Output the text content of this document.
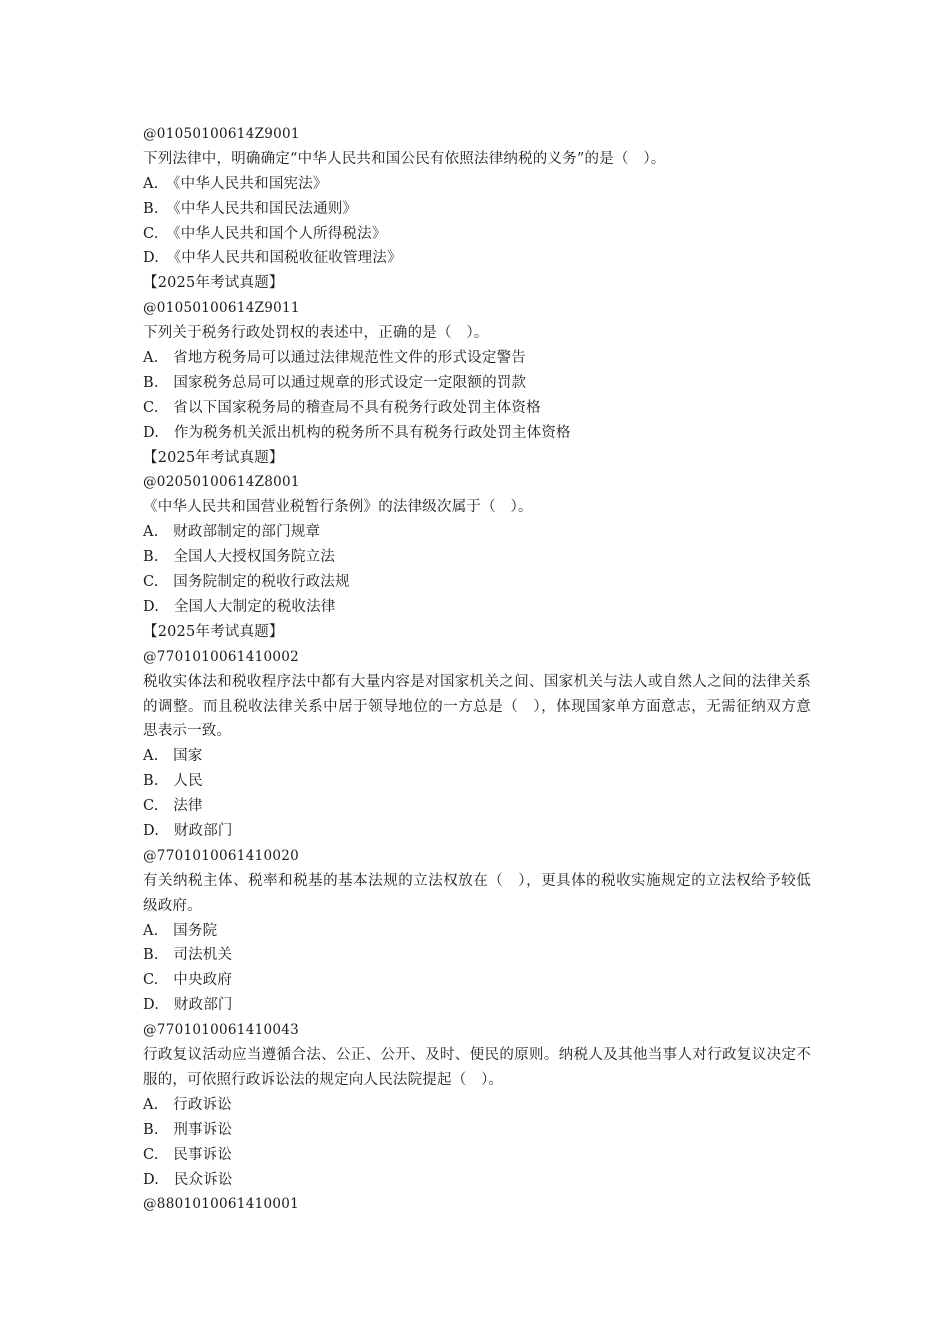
@01050100614Z9001
下列法律中，明确确定“中华人民共和国公民有依照法律纳税的义务”的是（　）。
A.　《中华人民共和国宪法》
B.　《中华人民共和国民法通则》
C.　《中华人民共和国个人所得税法》
D.　《中华人民共和国税收征收管理法》
【2025年考试真题】
@01050100614Z9011
下列关于税务行政处罚权的表述中，正确的是（　）。
A.　省地方税务局可以通过法律规范性文件的形式设定警告
B.　国家税务总局可以通过规章的形式设定一定限额的罚款
C.　省以下国家税务局的稽查局不具有税务行政处罚主体资格
D.　作为税务机关派出机构的税务所不具有税务行政处罚主体资格
【2025年考试真题】
@02050100614Z8001
《中华人民共和国营业税暂行条例》的法律级次属于（　）。
A.　财政部制定的部门规章
B.　全国人大授权国务院立法
C.　国务院制定的税收行政法规
D.　全国人大制定的税收法律
【2025年考试真题】
@7701010061410002
税收实体法和税收程序法中都有大量内容是对国家机关之间、国家机关与法人或自然人之间的法律关系的调整。而且税收法律关系中居于领导地位的一方总是（　），体现国家单方面意志，无需征纳双方意思表示一致。
A.　国家
B.　人民
C.　法律
D.　财政部门
@7701010061410020
有关纳税主体、税率和税基的基本法规的立法权放在（　），更具体的税收实施规定的立法权给予较低级政府。
A.　国务院
B.　司法机关
C.　中央政府
D.　财政部门
@7701010061410043
行政复议活动应当遵循合法、公正、公开、及时、便民的原则。纳税人及其他当事人对行政复议决定不服的，可依照行政诉讼法的规定向人民法院提起（　）。
A.　行政诉讼
B.　刑事诉讼
C.　民事诉讼
D.　民众诉讼
@8801010061410001
